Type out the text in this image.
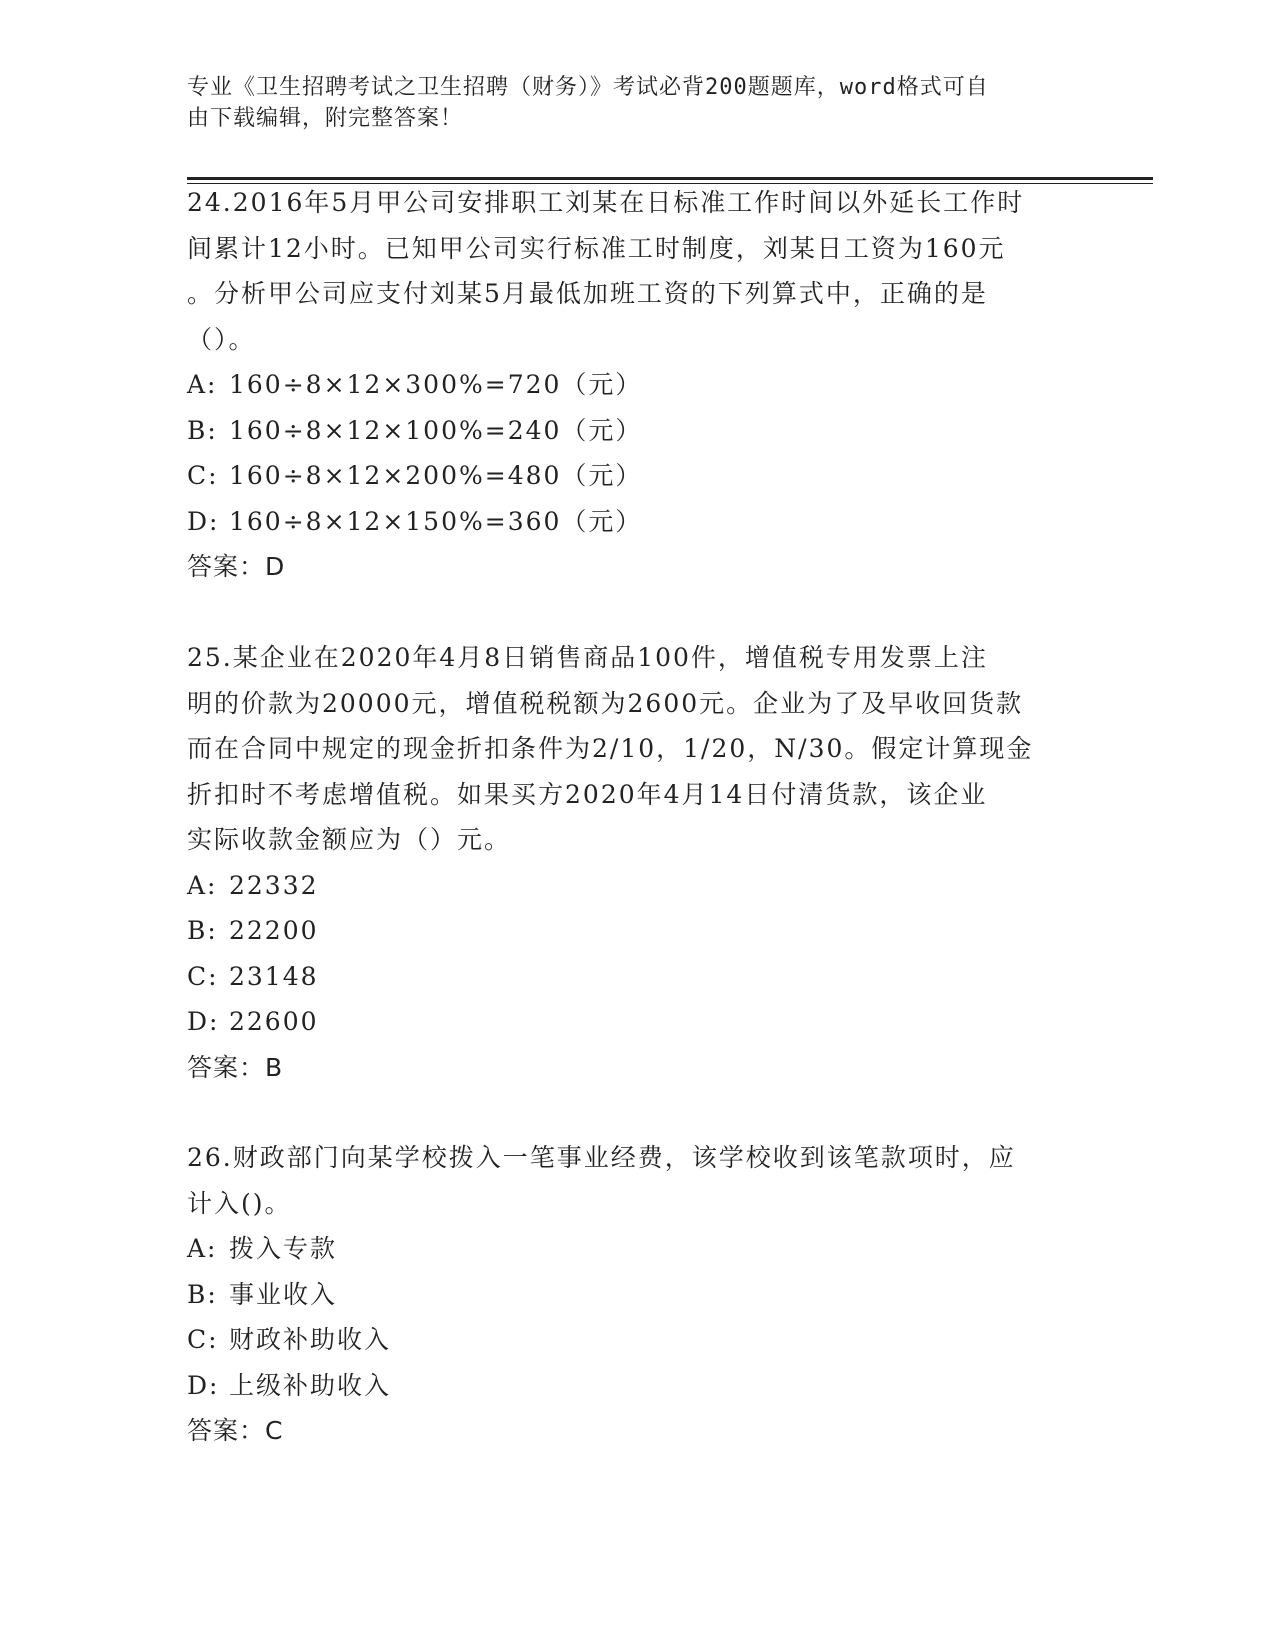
专业《卫生招聘考试之卫生招聘（财务）》考试必背200题题库，word格式可自
由下载编辑，附完整答案！

24.2016年5月甲公司安排职工刘某在日标准工作时间以外延长工作时
间累计12小时。已知甲公司实行标准工时制度，刘某日工资为160元
。分析甲公司应支付刘某5月最低加班工资的下列算式中，正确的是
（）。

A: 160÷8×12×300%=720（元）

B: 160÷8×12×100%=240（元）

C: 160÷8×12×200%=480（元）

D: 160÷8×12×150%=360（元）

答案：D

25.某企业在2020年4月8日销售商品100件，增值税专用发票上注
明的价款为20000元，增值税税额为2600元。企业为了及早收回货款
而在合同中规定的现金折扣条件为2/10，1/20，N/30。假定计算现金
折扣时不考虑增值税。如果买方2020年4月14日付清货款，该企业
实际收款金额应为（）元。

A: 22332

B: 22200

C: 23148

D: 22600

答案：B

26.财政部门向某学校拨入一笔事业经费，该学校收到该笔款项时，应
计入()。

A: 拨入专款

B: 事业收入

C: 财政补助收入

D: 上级补助收入

答案：C
